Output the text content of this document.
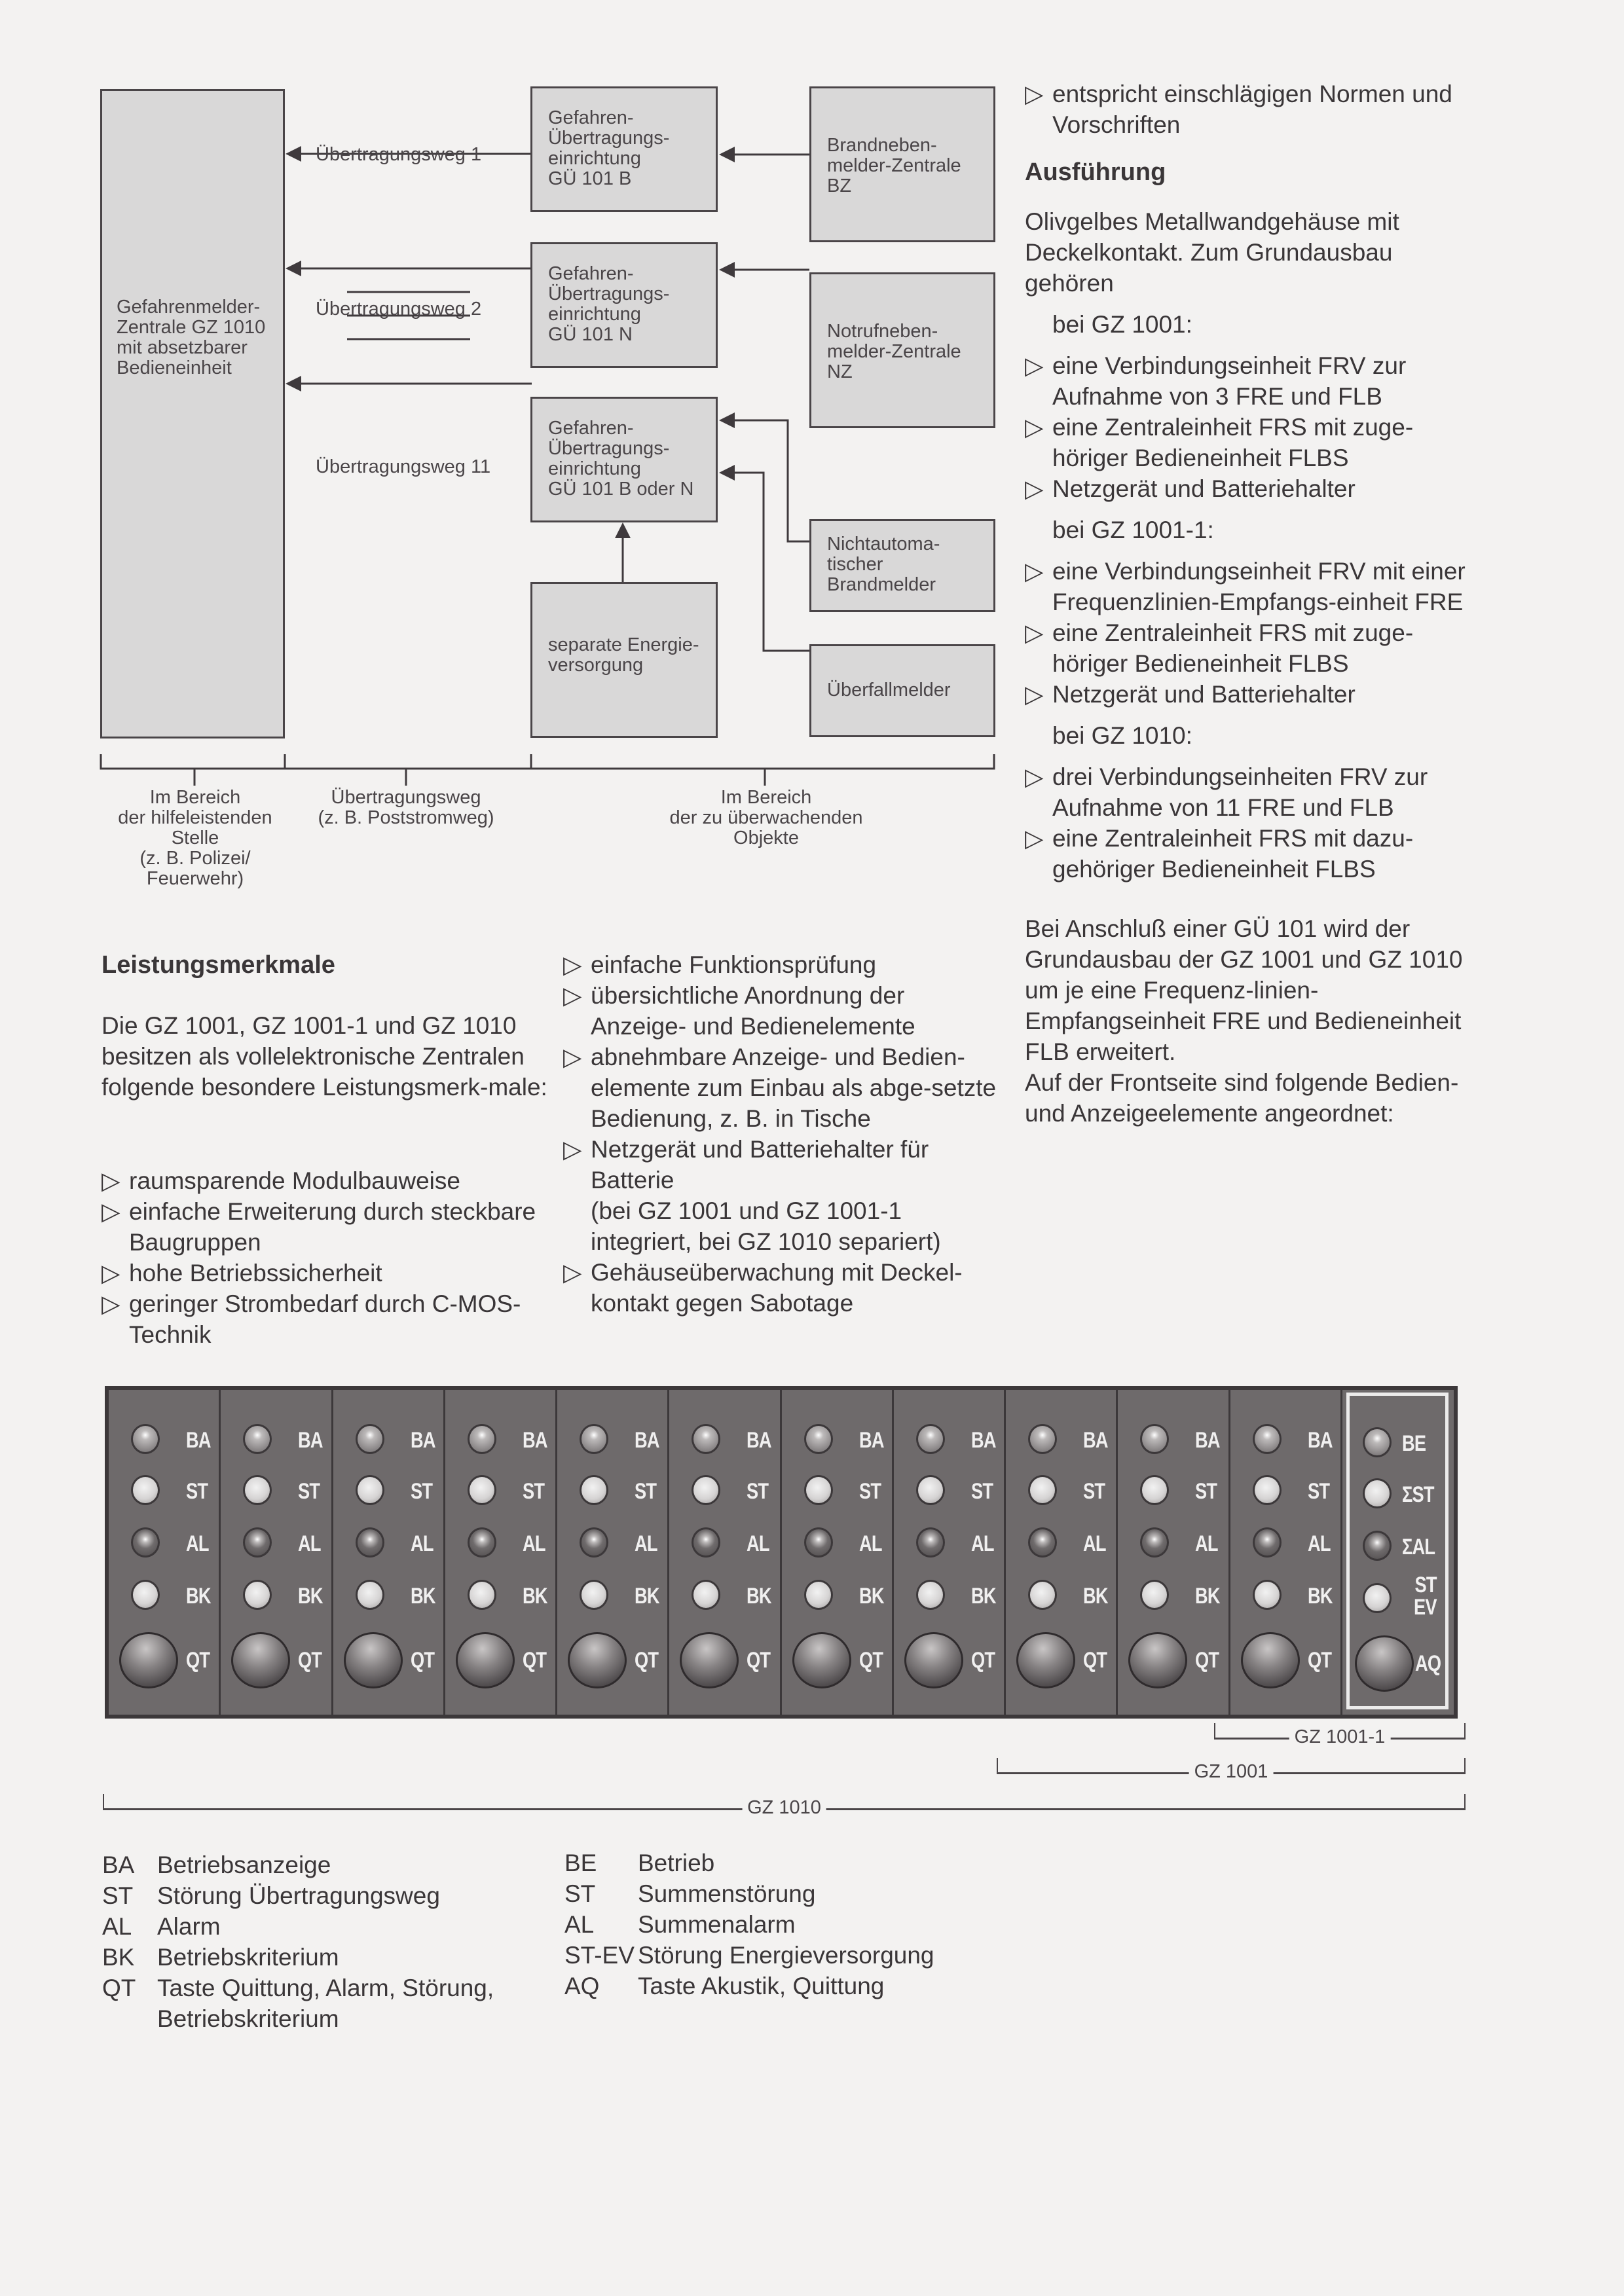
Gefahrenmelder-
Zentrale GZ 1010
mit absetzbarer
Bedieneinheit
Übertragungsweg 1
Übertragungsweg 2
Übertragungsweg 11
Gefahren-
Übertragungs-
einrichtung
GÜ 101 B
Gefahren-
Übertragungs-
einrichtung
GÜ 101 N
Gefahren-
Übertragungs-
einrichtung
GÜ 101 B oder N
Brandneben-
melder-Zentrale
BZ
Notrufneben-
melder-Zentrale
NZ
Nichtautoma-
tischer
Brandmelder
Überfallmelder
separate Energie-
versorgung
Im Bereich
der hilfeleistenden
Stelle
(z. B. Polizei/
Feuerwehr)
Übertragungsweg
(z. B. Poststromweg)
Im Bereich
der zu überwachenden
Objekte
Leistungsmerkmale

Die GZ 1001, GZ 1001-1 und GZ 1010 besitzen als vollelektronische Zentralen folgende besondere Leistungsmerk-male:

▷ raumsparende Modulbauweise
▷ einfache Erweiterung durch steckbare Baugruppen
▷ hohe Betriebssicherheit
▷ geringer Strombedarf durch C-MOS-Technik
▷ einfache Funktionsprüfung
▷ übersichtliche Anordnung der Anzeige- und Bedienelemente
▷ abnehmbare Anzeige- und Bedien-elemente zum Einbau als abge-setzte Bedienung, z. B. in Tische
▷ Netzgerät und Batteriehalter für Batterie
(bei GZ 1001 und GZ 1001-1 integriert, bei GZ 1010 separiert)
▷ Gehäuseüberwachung mit Deckel-kontakt gegen Sabotage
▷ entspricht einschlägigen Normen und Vorschriften
Ausführung

Olivgelbes Metallwandgehäuse mit Deckelkontakt. Zum Grundausbau gehören

bei GZ 1001:

▷ eine Verbindungseinheit FRV zur Aufnahme von 3 FRE und FLB
▷ eine Zentraleinheit FRS mit zuge-höriger Bedieneinheit FLBS
▷ Netzgerät und Batteriehalter

bei GZ 1001-1:

▷ eine Verbindungseinheit FRV mit einer Frequenzlinien-Empfangs-einheit FRE
▷ eine Zentraleinheit FRS mit zuge-höriger Bedieneinheit FLBS
▷ Netzgerät und Batteriehalter

bei GZ 1010:

▷ drei Verbindungseinheiten FRV zur Aufnahme von 11 FRE und FLB
▷ eine Zentraleinheit FRS mit dazu-gehöriger Bedieneinheit FLBS

Bei Anschluß einer GÜ 101 wird der Grundausbau der GZ 1001 und GZ 1010 um je eine Frequenz-linien-Empfangseinheit FRE und Bedieneinheit FLB erweitert.
Auf der Frontseite sind folgende Bedien- und Anzeigeelemente angeordnet:

BA
ST
AL
BK
QT
BA
ST
AL
BK
QT
BA
ST
AL
BK
QT
BA
ST
AL
BK
QT
BA
ST
AL
BK
QT
BA
ST
AL
BK
QT
BA
ST
AL
BK
QT
BA
ST
AL
BK
QT
BA
ST
AL
BK
QT
BA
ST
AL
BK
QT
BA
ST
AL
BK
QT
BE
ΣST
ΣAL
ST
EV
AQ
GZ 1001-1
GZ 1001
GZ 1010
BA Betriebsanzeige
ST Störung Übertragungsweg
AL	Alarm
BK Betriebskriterium
QT Taste Quittung, Alarm, Störung,
Betriebskriterium
BE	Betrieb
ST	Summenstörung
AL	Summenalarm
ST-EV Störung Energieversorgung
AQ	Taste Akustik, Quittung
